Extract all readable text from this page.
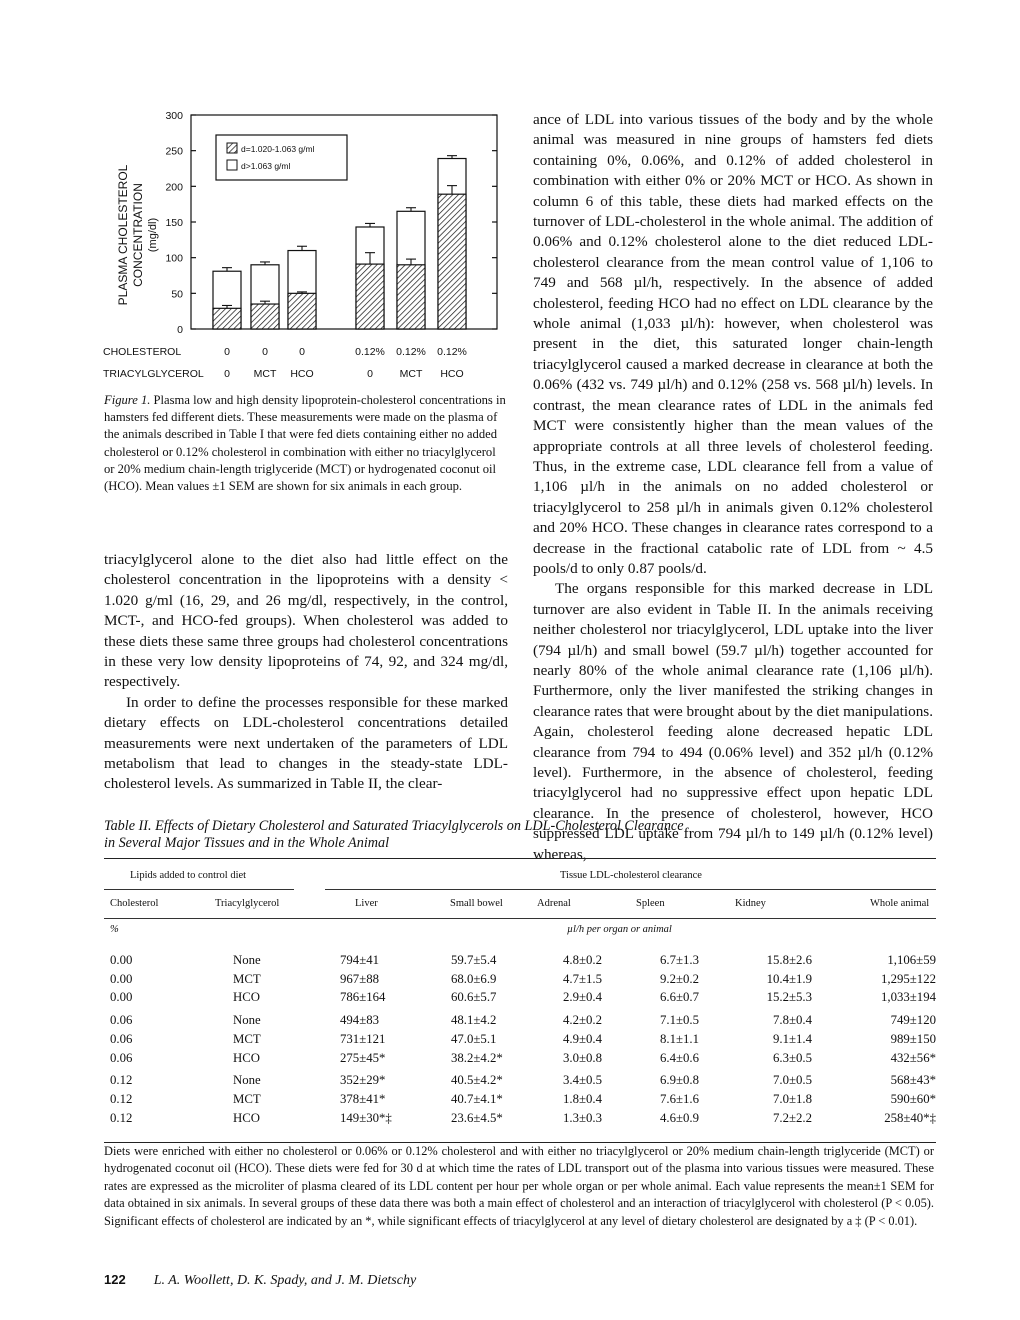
PLASMA CHOLESTEROL CONCENTRATION (mg/dl)
0
50
100
150
200
250
300
d=1.020-1.063 g/ml
d>1.063 g/ml
CHOLESTEROL
TRIACYLGLYCEROL
0
0
0
MCT
0
HCO
0.12%
0
0.12%
MCT
0.12%
HCO
Figure 1. Plasma low and high density lipoprotein-cholesterol concentrations in hamsters fed different diets. These measurements were made on the plasma of the animals described in Table I that were fed diets containing either no added cholesterol or 0.12% cholesterol in combination with either no triacylglycerol or 20% medium chain-length triglyceride (MCT) or hydrogenated coconut oil (HCO). Mean values ±1 SEM are shown for six animals in each group.

triacylglycerol alone to the diet also had little effect on the cholesterol concentration in the lipoproteins with a density < 1.020 g/ml (16, 29, and 26 mg/dl, respectively, in the control, MCT-, and HCO-fed groups). When cholesterol was added to these diets these same three groups had cholesterol concentrations in these very low density lipoproteins of 74, 92, and 324 mg/dl, respectively.

In order to define the processes responsible for these marked dietary effects on LDL-cholesterol concentrations detailed measurements were next undertaken of the parameters of LDL metabolism that lead to changes in the steady-state LDL-cholesterol levels. As summarized in Table II, the clear-

ance of LDL into various tissues of the body and by the whole animal was measured in nine groups of hamsters fed diets containing 0%, 0.06%, and 0.12% of added cholesterol in combination with either 0% or 20% MCT or HCO. As shown in column 6 of this table, these diets had marked effects on the turnover of LDL-cholesterol in the whole animal. The addition of 0.06% and 0.12% cholesterol alone to the diet reduced LDL-cholesterol clearance from the mean control value of 1,106 to 749 and 568 µl/h, respectively. In the absence of added cholesterol, feeding HCO had no effect on LDL clearance by the whole animal (1,033 µl/h): however, when cholesterol was present in the diet, this saturated longer chain-length triacylglycerol caused a marked decrease in clearance at both the 0.06% (432 vs. 749 µl/h) and 0.12% (258 vs. 568 µl/h) levels. In contrast, the mean clearance rates of LDL in the animals fed MCT were consistently higher than the mean values of the appropriate controls at all three levels of cholesterol feeding. Thus, in the extreme case, LDL clearance fell from a value of 1,106 µl/h in the animals on no added cholesterol or triacylglycerol to 258 µl/h in animals given 0.12% cholesterol and 20% HCO. These changes in clearance rates correspond to a decrease in the fractional catabolic rate of LDL from ~ 4.5 pools/d to only 0.87 pools/d.

The organs responsible for this marked decrease in LDL turnover are also evident in Table II. In the animals receiving neither cholesterol nor triacylglycerol, LDL uptake into the liver (794 µl/h) and small bowel (59.7 µl/h) together accounted for nearly 80% of the whole animal clearance rate (1,106 µl/h). Furthermore, only the liver manifested the striking changes in clearance rates that were brought about by the diet manipulations. Again, cholesterol feeding alone decreased hepatic LDL clearance from 794 to 494 (0.06% level) and 352 µl/h (0.12% level). Furthermore, in the absence of cholesterol, feeding triacylglycerol had no suppressive effect upon hepatic LDL clearance. In the presence of cholesterol, however, HCO suppressed LDL uptake from 794 µl/h to 149 µl/h (0.12% level) whereas,

Table II. Effects of Dietary Cholesterol and Saturated Triacylglycerols on LDL-Cholesterol Clearance
in Several Major Tissues and in the Whole Animal
Lipids added to control diet	Tissue LDL-cholesterol clearance
Cholesterol	Triacylglycerol	Liver	Small bowel	Adrenal	Spleen	Kidney	Whole animal
%	µl/h per organ or animal
0.00	None	794±41	59.7±5.4	4.8±0.2	6.7±1.3	15.8±2.6	1,106±59
0.00	MCT	967±88	68.0±6.9	4.7±1.5	9.2±0.2	10.4±1.9	1,295±122
0.00	HCO	786±164	60.6±5.7	2.9±0.4	6.6±0.7	15.2±5.3	1,033±194
0.06	None	494±83	48.1±4.2	4.2±0.2	7.1±0.5	7.8±0.4	749±120
0.06	MCT	731±121	47.0±5.1	4.9±0.4	8.1±1.1	9.1±1.4	989±150
0.06	HCO	275±45*	38.2±4.2*	3.0±0.8	6.4±0.6	6.3±0.5	432±56*
0.12	None	352±29*	40.5±4.2*	3.4±0.5	6.9±0.8	7.0±0.5	568±43*
0.12	MCT	378±41*	40.7±4.1*	1.8±0.4	7.6±1.6	7.0±1.8	590±60*
0.12	HCO	149±30*‡	23.6±4.5*	1.3±0.3	4.6±0.9	7.2±2.2	258±40*‡
Diets were enriched with either no cholesterol or 0.06% or 0.12% cholesterol and with either no triacylglycerol or 20% medium chain-length triglyceride (MCT) or hydrogenated coconut oil (HCO). These diets were fed for 30 d at which time the rates of LDL transport out of the plasma into various tissues were measured. These rates are expressed as the microliter of plasma cleared of its LDL content per hour per whole organ or per whole animal. Each value represents the mean±1 SEM for data obtained in six animals. In several groups of these data there was both a main effect of cholesterol and an interaction of triacylglycerol with cholesterol (P < 0.05). Significant effects of cholesterol are indicated by an *, while significant effects of triacylglycerol at any level of dietary cholesterol are designated by a ‡ (P < 0.01).
122 L. A. Woollett, D. K. Spady, and J. M. Dietschy
